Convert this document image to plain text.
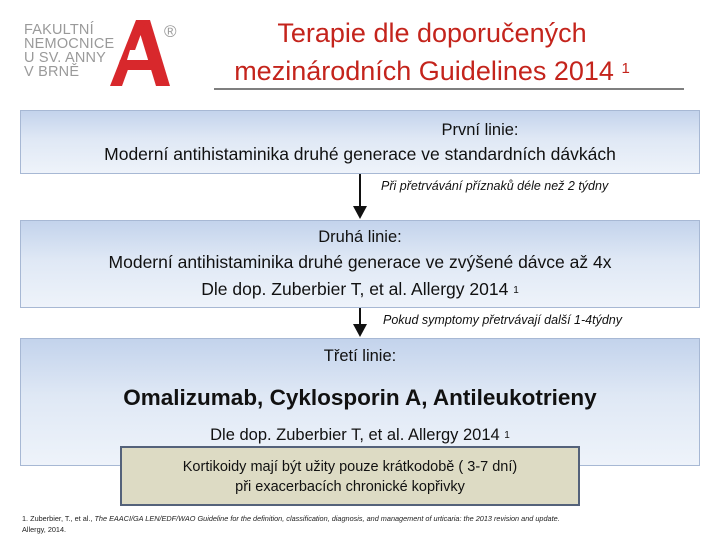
FAKULTNÍ
NEMOCNICE
U SV. ANNY
V BRNĚ
®	Terapie dle doporučených
mezinárodních Guidelines 2014 $^1$
První linie:
Moderní antihistaminika druhé generace ve standardních dávkách
Při přetrvávání příznaků déle než 2 týdny
Druhá linie:
Moderní antihistaminika druhé generace ve zvýšené dávce až 4x
Dle dop. Zuberbier T, et al. Allergy 2014 $^1$
Pokud symptomy přetrvávají další 1-4týdny
Třetí linie:
Omalizumab, Cyklosporin A, Antileukotrieny
Dle dop. Zuberbier T, et al. Allergy 2014 $^1$
Kortikoidy mají být užity pouze krátkodobě ( 3-7 dní)
při exacerbacích chronické kopřivky
1. Zuberbier, T., et al., The EAACI/GA LEN/EDF/WAO Guideline for the definition, classification, diagnosis, and management of urticaria: the 2013 revision and update. Allergy, 2014.
